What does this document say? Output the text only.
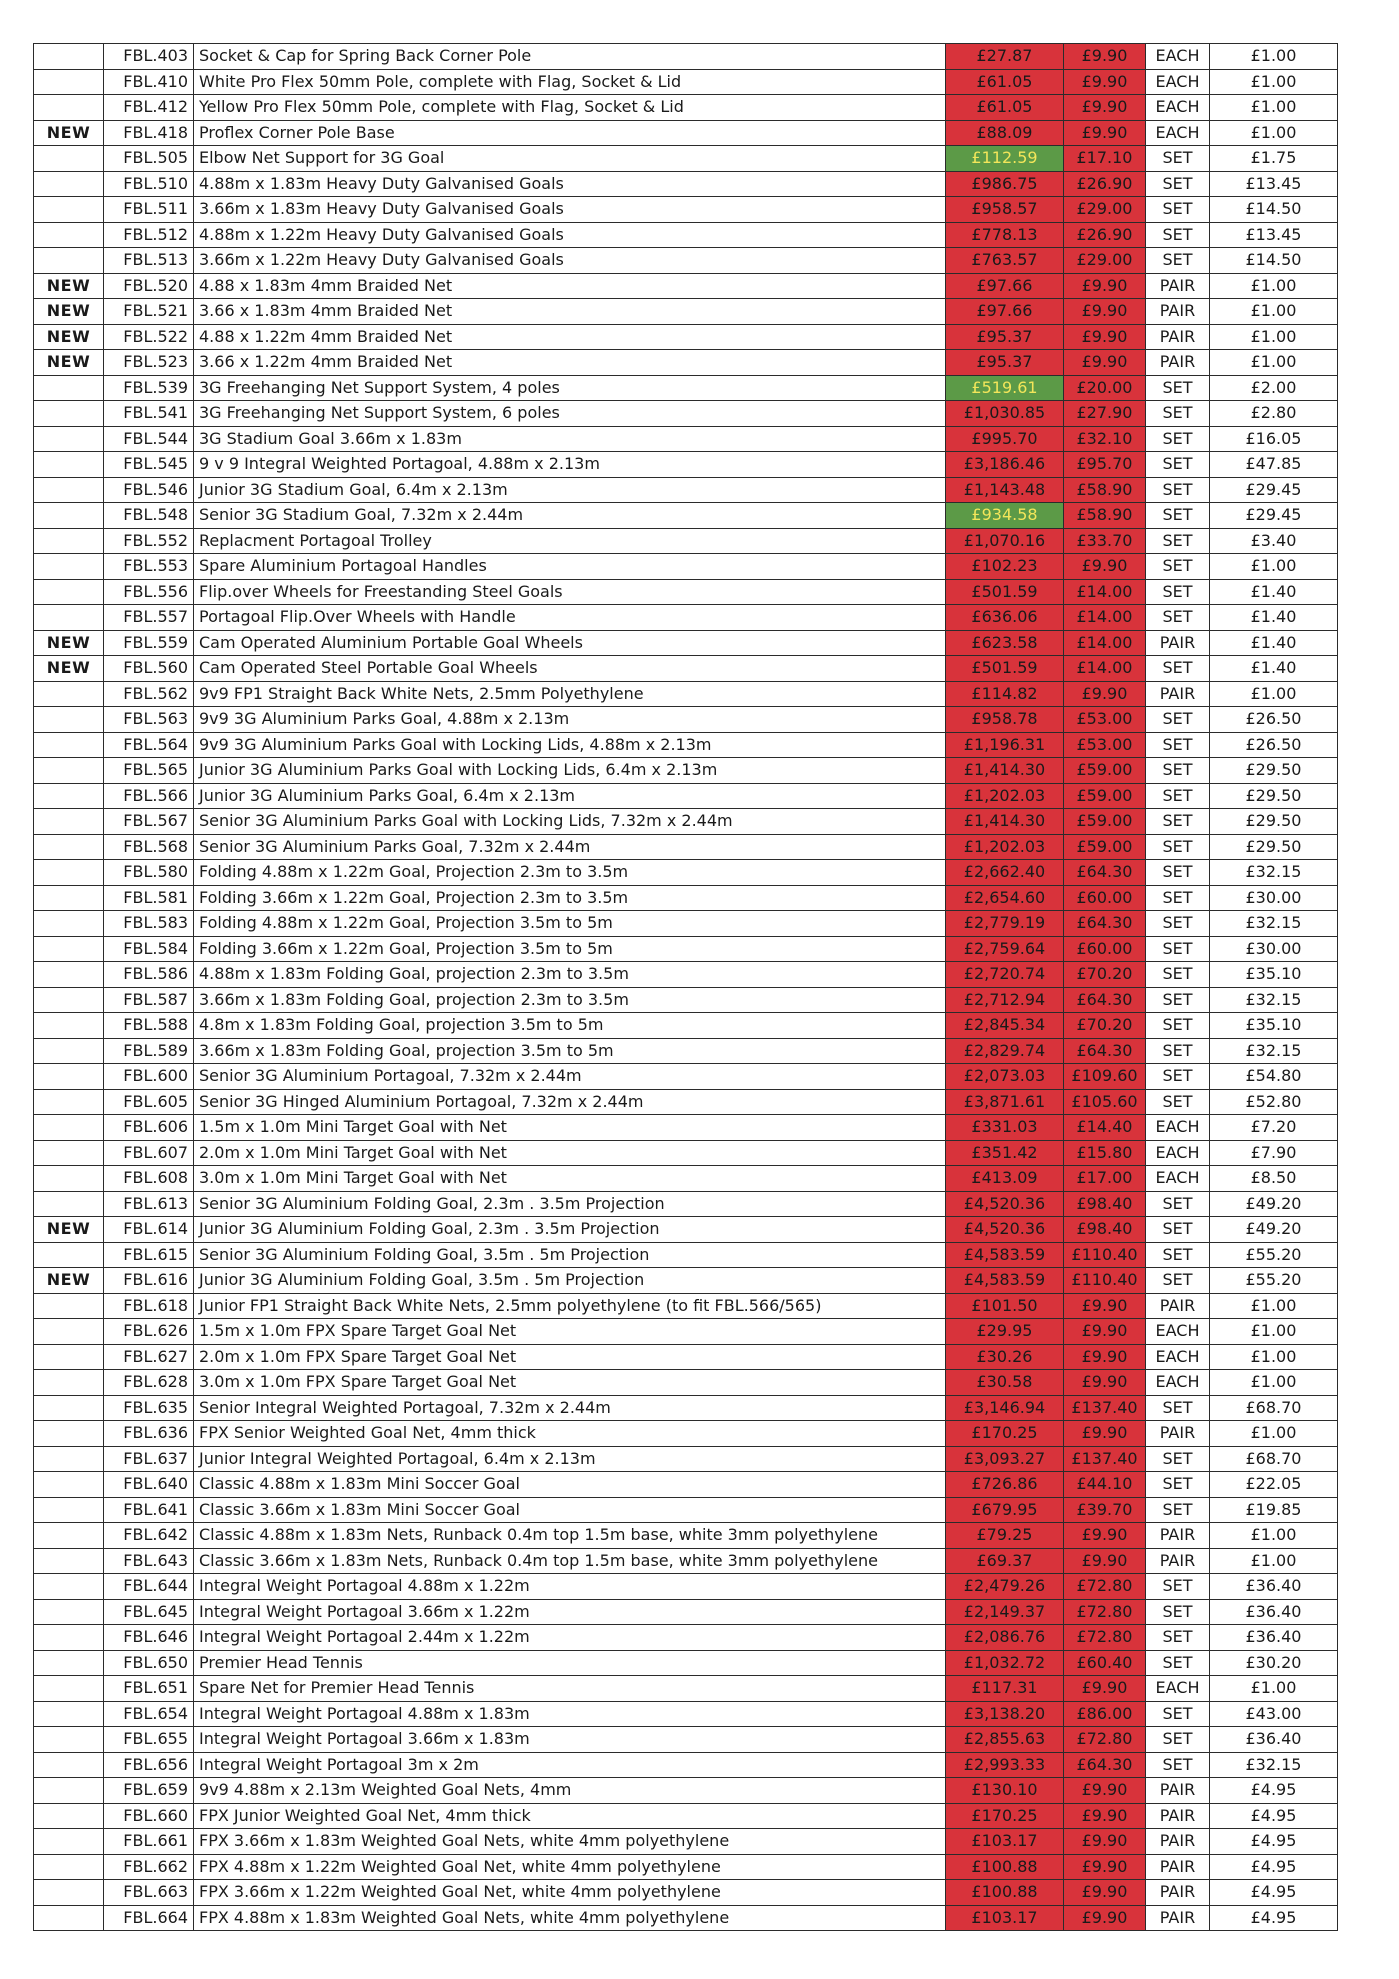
	FBL.403	Socket & Cap for Spring Back Corner Pole	£27.87	£9.90	EACH	£1.00
	FBL.410	White Pro Flex 50mm Pole, complete with Flag, Socket & Lid	£61.05	£9.90	EACH	£1.00
	FBL.412	Yellow Pro Flex 50mm Pole, complete with Flag, Socket & Lid	£61.05	£9.90	EACH	£1.00
NEW	FBL.418	Proflex Corner Pole Base	£88.09	£9.90	EACH	£1.00
	FBL.505	Elbow Net Support for 3G Goal	£112.59	£17.10	SET	£1.75
	FBL.510	4.88m x 1.83m Heavy Duty Galvanised Goals	£986.75	£26.90	SET	£13.45
	FBL.511	3.66m x 1.83m Heavy Duty Galvanised Goals	£958.57	£29.00	SET	£14.50
	FBL.512	4.88m x 1.22m Heavy Duty Galvanised Goals	£778.13	£26.90	SET	£13.45
	FBL.513	3.66m x 1.22m Heavy Duty Galvanised Goals	£763.57	£29.00	SET	£14.50
NEW	FBL.520	4.88 x 1.83m 4mm Braided Net	£97.66	£9.90	PAIR	£1.00
NEW	FBL.521	3.66 x 1.83m 4mm Braided Net	£97.66	£9.90	PAIR	£1.00
NEW	FBL.522	4.88 x 1.22m 4mm Braided Net	£95.37	£9.90	PAIR	£1.00
NEW	FBL.523	3.66 x 1.22m 4mm Braided Net	£95.37	£9.90	PAIR	£1.00
	FBL.539	3G Freehanging Net Support System, 4 poles	£519.61	£20.00	SET	£2.00
	FBL.541	3G Freehanging Net Support System, 6 poles	£1,030.85	£27.90	SET	£2.80
	FBL.544	3G Stadium Goal 3.66m x 1.83m	£995.70	£32.10	SET	£16.05
	FBL.545	9 v 9 Integral Weighted Portagoal, 4.88m x 2.13m	£3,186.46	£95.70	SET	£47.85
	FBL.546	Junior 3G Stadium Goal, 6.4m x 2.13m	£1,143.48	£58.90	SET	£29.45
	FBL.548	Senior 3G Stadium Goal, 7.32m x 2.44m	£934.58	£58.90	SET	£29.45
	FBL.552	Replacment Portagoal Trolley	£1,070.16	£33.70	SET	£3.40
	FBL.553	Spare Aluminium Portagoal Handles	£102.23	£9.90	SET	£1.00
	FBL.556	Flip.over Wheels for Freestanding Steel Goals	£501.59	£14.00	SET	£1.40
	FBL.557	Portagoal Flip.Over Wheels with Handle	£636.06	£14.00	SET	£1.40
NEW	FBL.559	Cam Operated Aluminium Portable Goal Wheels	£623.58	£14.00	PAIR	£1.40
NEW	FBL.560	Cam Operated Steel Portable Goal Wheels	£501.59	£14.00	SET	£1.40
	FBL.562	9v9 FP1 Straight Back White Nets, 2.5mm Polyethylene	£114.82	£9.90	PAIR	£1.00
	FBL.563	9v9 3G Aluminium Parks Goal, 4.88m x 2.13m	£958.78	£53.00	SET	£26.50
	FBL.564	9v9 3G Aluminium Parks Goal with Locking Lids, 4.88m x 2.13m	£1,196.31	£53.00	SET	£26.50
	FBL.565	Junior 3G Aluminium Parks Goal with Locking Lids, 6.4m x 2.13m	£1,414.30	£59.00	SET	£29.50
	FBL.566	Junior 3G Aluminium Parks Goal, 6.4m x 2.13m	£1,202.03	£59.00	SET	£29.50
	FBL.567	Senior 3G Aluminium Parks Goal with Locking Lids, 7.32m x 2.44m	£1,414.30	£59.00	SET	£29.50
	FBL.568	Senior 3G Aluminium Parks Goal, 7.32m x 2.44m	£1,202.03	£59.00	SET	£29.50
	FBL.580	Folding 4.88m x 1.22m Goal, Projection 2.3m to 3.5m	£2,662.40	£64.30	SET	£32.15
	FBL.581	Folding 3.66m x 1.22m Goal, Projection 2.3m to 3.5m	£2,654.60	£60.00	SET	£30.00
	FBL.583	Folding 4.88m x 1.22m Goal, Projection 3.5m to 5m	£2,779.19	£64.30	SET	£32.15
	FBL.584	Folding 3.66m x 1.22m Goal, Projection 3.5m to 5m	£2,759.64	£60.00	SET	£30.00
	FBL.586	4.88m x 1.83m Folding Goal, projection 2.3m to 3.5m	£2,720.74	£70.20	SET	£35.10
	FBL.587	3.66m x 1.83m Folding Goal, projection 2.3m to 3.5m	£2,712.94	£64.30	SET	£32.15
	FBL.588	4.8m x 1.83m Folding Goal, projection 3.5m to 5m	£2,845.34	£70.20	SET	£35.10
	FBL.589	3.66m x 1.83m Folding Goal, projection 3.5m to 5m	£2,829.74	£64.30	SET	£32.15
	FBL.600	Senior 3G Aluminium Portagoal, 7.32m x 2.44m	£2,073.03	£109.60	SET	£54.80
	FBL.605	Senior 3G Hinged Aluminium Portagoal, 7.32m x 2.44m	£3,871.61	£105.60	SET	£52.80
	FBL.606	1.5m x 1.0m Mini Target Goal with Net	£331.03	£14.40	EACH	£7.20
	FBL.607	2.0m x 1.0m Mini Target Goal with Net	£351.42	£15.80	EACH	£7.90
	FBL.608	3.0m x 1.0m Mini Target Goal with Net	£413.09	£17.00	EACH	£8.50
	FBL.613	Senior 3G Aluminium Folding Goal, 2.3m . 3.5m Projection	£4,520.36	£98.40	SET	£49.20
NEW	FBL.614	Junior 3G Aluminium Folding Goal, 2.3m . 3.5m Projection	£4,520.36	£98.40	SET	£49.20
	FBL.615	Senior 3G Aluminium Folding Goal, 3.5m . 5m Projection	£4,583.59	£110.40	SET	£55.20
NEW	FBL.616	Junior 3G Aluminium Folding Goal, 3.5m . 5m Projection	£4,583.59	£110.40	SET	£55.20
	FBL.618	Junior FP1 Straight Back White Nets, 2.5mm polyethylene (to fit FBL.566/565)	£101.50	£9.90	PAIR	£1.00
	FBL.626	1.5m x 1.0m FPX Spare Target Goal Net	£29.95	£9.90	EACH	£1.00
	FBL.627	2.0m x 1.0m FPX Spare Target Goal Net	£30.26	£9.90	EACH	£1.00
	FBL.628	3.0m x 1.0m FPX Spare Target Goal Net	£30.58	£9.90	EACH	£1.00
	FBL.635	Senior Integral Weighted Portagoal, 7.32m x 2.44m	£3,146.94	£137.40	SET	£68.70
	FBL.636	FPX Senior Weighted Goal Net, 4mm thick	£170.25	£9.90	PAIR	£1.00
	FBL.637	Junior Integral Weighted Portagoal, 6.4m x 2.13m	£3,093.27	£137.40	SET	£68.70
	FBL.640	Classic 4.88m x 1.83m Mini Soccer Goal	£726.86	£44.10	SET	£22.05
	FBL.641	Classic 3.66m x 1.83m Mini Soccer Goal	£679.95	£39.70	SET	£19.85
	FBL.642	Classic 4.88m x 1.83m Nets, Runback 0.4m top 1.5m base, white 3mm polyethylene	£79.25	£9.90	PAIR	£1.00
	FBL.643	Classic 3.66m x 1.83m Nets, Runback 0.4m top 1.5m base, white 3mm polyethylene	£69.37	£9.90	PAIR	£1.00
	FBL.644	Integral Weight Portagoal 4.88m x 1.22m	£2,479.26	£72.80	SET	£36.40
	FBL.645	Integral Weight Portagoal 3.66m x 1.22m	£2,149.37	£72.80	SET	£36.40
	FBL.646	Integral Weight Portagoal 2.44m x 1.22m	£2,086.76	£72.80	SET	£36.40
	FBL.650	Premier Head Tennis	£1,032.72	£60.40	SET	£30.20
	FBL.651	Spare Net for Premier Head Tennis	£117.31	£9.90	EACH	£1.00
	FBL.654	Integral Weight Portagoal 4.88m x 1.83m	£3,138.20	£86.00	SET	£43.00
	FBL.655	Integral Weight Portagoal 3.66m x 1.83m	£2,855.63	£72.80	SET	£36.40
	FBL.656	Integral Weight Portagoal 3m x 2m	£2,993.33	£64.30	SET	£32.15
	FBL.659	9v9 4.88m x 2.13m Weighted Goal Nets, 4mm	£130.10	£9.90	PAIR	£4.95
	FBL.660	FPX Junior Weighted Goal Net, 4mm thick	£170.25	£9.90	PAIR	£4.95
	FBL.661	FPX 3.66m x 1.83m Weighted Goal Nets, white 4mm polyethylene	£103.17	£9.90	PAIR	£4.95
	FBL.662	FPX 4.88m x 1.22m Weighted Goal Net, white 4mm polyethylene	£100.88	£9.90	PAIR	£4.95
	FBL.663	FPX 3.66m x 1.22m Weighted Goal Net, white 4mm polyethylene	£100.88	£9.90	PAIR	£4.95
	FBL.664	FPX 4.88m x 1.83m Weighted Goal Nets, white 4mm polyethylene	£103.17	£9.90	PAIR	£4.95
